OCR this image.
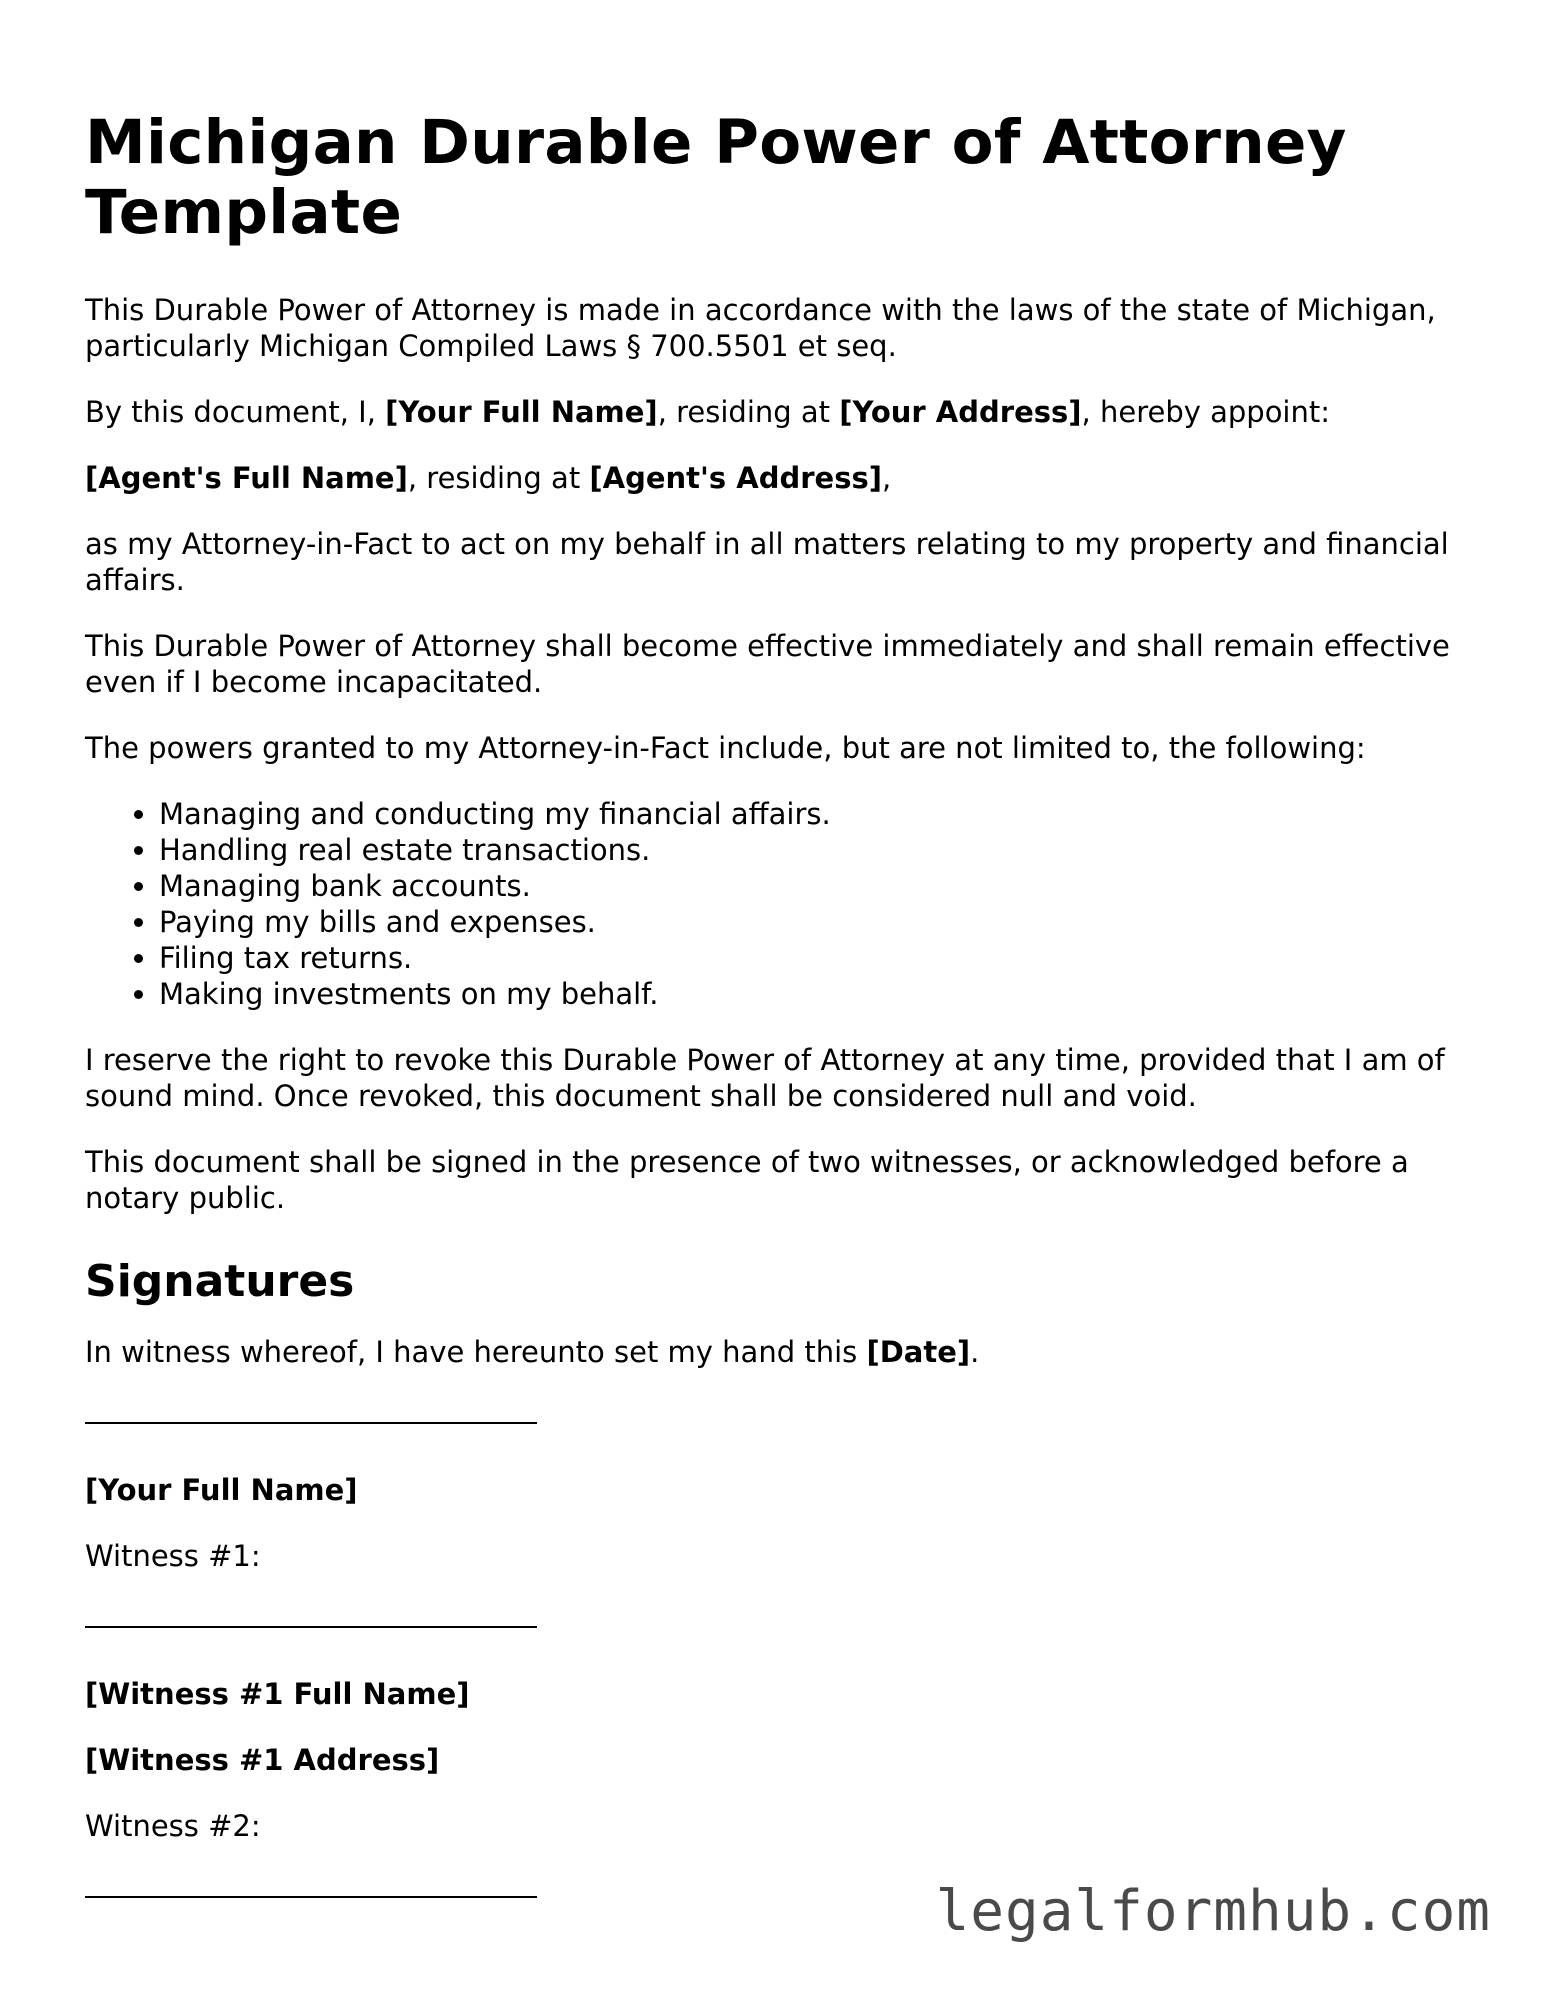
Michigan Durable Power of Attorney Template

This Durable Power of Attorney is made in accordance with the laws of the state of Michigan, particularly Michigan Compiled Laws § 700.5501 et seq.

By this document, I, [Your Full Name], residing at [Your Address], hereby appoint:

[Agent's Full Name], residing at [Agent's Address],

as my Attorney-in-Fact to act on my behalf in all matters relating to my property and financial affairs.

This Durable Power of Attorney shall become effective immediately and shall remain effective even if I become incapacitated.

The powers granted to my Attorney-in-Fact include, but are not limited to, the following:

• Managing and conducting my financial affairs.
• Handling real estate transactions.
• Managing bank accounts.
• Paying my bills and expenses.
• Filing tax returns.
• Making investments on my behalf.

I reserve the right to revoke this Durable Power of Attorney at any time, provided that I am of sound mind. Once revoked, this document shall be considered null and void.

This document shall be signed in the presence of two witnesses, or acknowledged before a notary public.

Signatures

In witness whereof, I have hereunto set my hand this [Date].

[Your Full Name]

Witness #1:

[Witness #1 Full Name]

[Witness #1 Address]

Witness #2:

legalformhub.com
